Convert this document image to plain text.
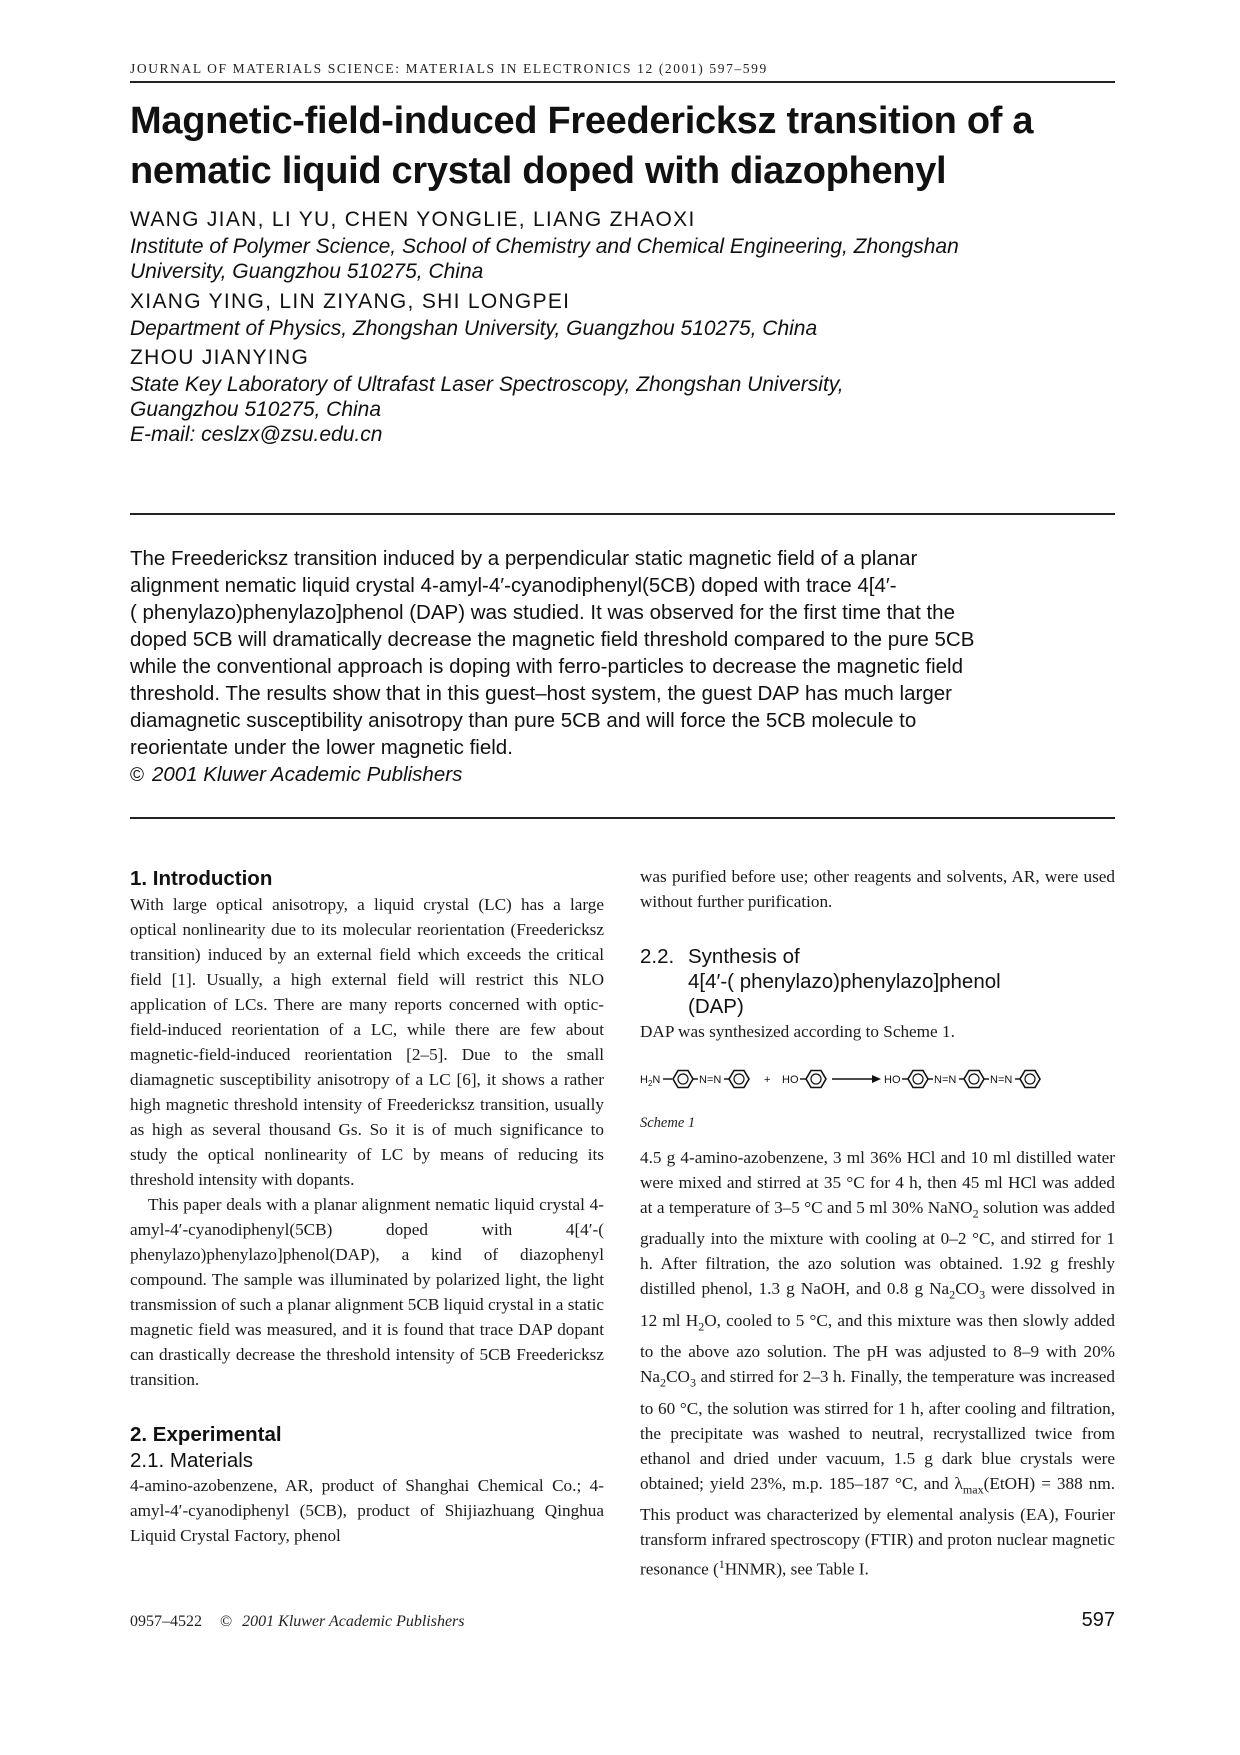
JOURNAL OF MATERIALS SCIENCE: MATERIALS IN ELECTRONICS 12 (2001) 597–599
Magnetic-field-induced Freedericksz transition of a
nematic liquid crystal doped with diazophenyl
WANG JIAN, LI YU, CHEN YONGLIE, LIANG ZHAOXI
Institute of Polymer Science, School of Chemistry and Chemical Engineering, Zhongshan
University, Guangzhou 510275, China
XIANG YING, LIN ZIYANG, SHI LONGPEI
Department of Physics, Zhongshan University, Guangzhou 510275, China
ZHOU JIANYING
State Key Laboratory of Ultrafast Laser Spectroscopy, Zhongshan University,
Guangzhou 510275, China
E-mail: ceslzx@zsu.edu.cn
The Freedericksz transition induced by a perpendicular static magnetic field of a planar
alignment nematic liquid crystal 4-amyl-4′-cyanodiphenyl(5CB) doped with trace 4[4′-
( phenylazo)phenylazo]phenol (DAP) was studied. It was observed for the first time that the
doped 5CB will dramatically decrease the magnetic field threshold compared to the pure 5CB
while the conventional approach is doping with ferro-particles to decrease the magnetic field
threshold. The results show that in this guest–host system, the guest DAP has much larger
diamagnetic susceptibility anisotropy than pure 5CB and will force the 5CB molecule to
reorientate under the lower magnetic field.
© 2001 Kluwer Academic Publishers
1. Introduction

With large optical anisotropy, a liquid crystal (LC) has a large optical nonlinearity due to its molecular reorientation (Freedericksz transition) induced by an external field which exceeds the critical field [1]. Usually, a high external field will restrict this NLO application of LCs. There are many reports concerned with optic-field-induced reorientation of a LC, while there are few about magnetic-field-induced reorientation [2–5]. Due to the small diamagnetic susceptibility anisotropy of a LC [6], it shows a rather high magnetic threshold intensity of Freedericksz transition, usually as high as several thousand Gs. So it is of much significance to study the optical nonlinearity of LC by means of reducing its threshold intensity with dopants.

This paper deals with a planar alignment nematic liquid crystal 4-amyl-4′-cyanodiphenyl(5CB) doped with 4[4′-( phenylazo)phenylazo]phenol(DAP), a kind of diazophenyl compound. The sample was illuminated by polarized light, the light transmission of such a planar alignment 5CB liquid crystal in a static magnetic field was measured, and it is found that trace DAP dopant can drastically decrease the threshold intensity of 5CB Freedericksz transition.

2. Experimental
2.1. Materials

4-amino-azobenzene, AR, product of Shanghai Chemical Co.; 4-amyl-4′-cyanodiphenyl (5CB), product of Shijiazhuang Qinghua Liquid Crystal Factory, phenol

was purified before use; other reagents and solvents, AR, were used without further purification.

2.2. Synthesis of
4[4′-( phenylazo)phenylazo]phenol
(DAP)

DAP was synthesized according to Scheme 1.

$H_2N$	N=N	+ HO	HO	N=N	N=N
Scheme 1

4.5 g 4-amino-azobenzene, 3 ml 36% HCl and 10 ml distilled water were mixed and stirred at 35 °C for 4 h, then 45 ml HCl was added at a temperature of 3–5 °C and 5 ml 30% NaNO$_2$ solution was added gradually into the mixture with cooling at 0–2 °C, and stirred for 1 h. After filtration, the azo solution was obtained. 1.92 g freshly distilled phenol, 1.3 g NaOH, and 0.8 g $Na_2CO_3$ were dissolved in 12 ml $H_2O$, cooled to 5 °C, and this mixture was then slowly added to the above azo solution. The pH was adjusted to 8–9 with 20% $Na_2CO_3$ and stirred for 2–3 h. Finally, the temperature was increased to 60 °C, the solution was stirred for 1 h, after cooling and filtration, the precipitate was washed to neutral, recrystallized twice from ethanol and dried under vacuum, 1.5 g dark blue crystals were obtained; yield 23%, m.p. 185–187 °C, and $\lambda_{max}(EtOH) = 388$ nm. This product was characterized by elemental analysis (EA), Fourier transform infrared spectroscopy (FTIR) and proton nuclear magnetic resonance ($^1$HNMR), see Table I.

0957–4522 © 2001 Kluwer Academic Publishers	597
